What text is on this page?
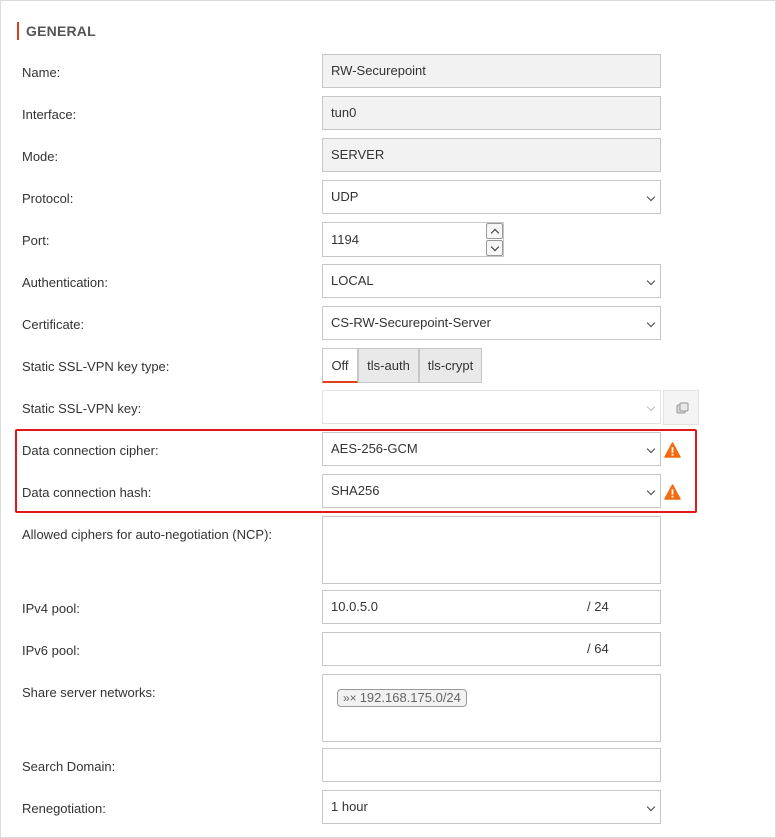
GENERAL
Name:	RW-Securepoint
Interface:	tun0
Mode:	SERVER
Protocol:	UDP
Port:	1194
Authentication:	LOCAL
Certificate:	CS-RW-Securepoint-Server
Static SSL-VPN key type:	Off	tls-auth	tls-crypt
Static SSL-VPN key:
Data connection cipher:	AES-256-GCM
Data connection hash:	SHA256
Allowed ciphers for auto-negotiation (NCP):
IPv4 pool:	10.0.5.0	/ 24
IPv6 pool:	/ 64
Share server networks:	»× 192.168.175.0/24
Search Domain:
Renegotiation:	1 hour
